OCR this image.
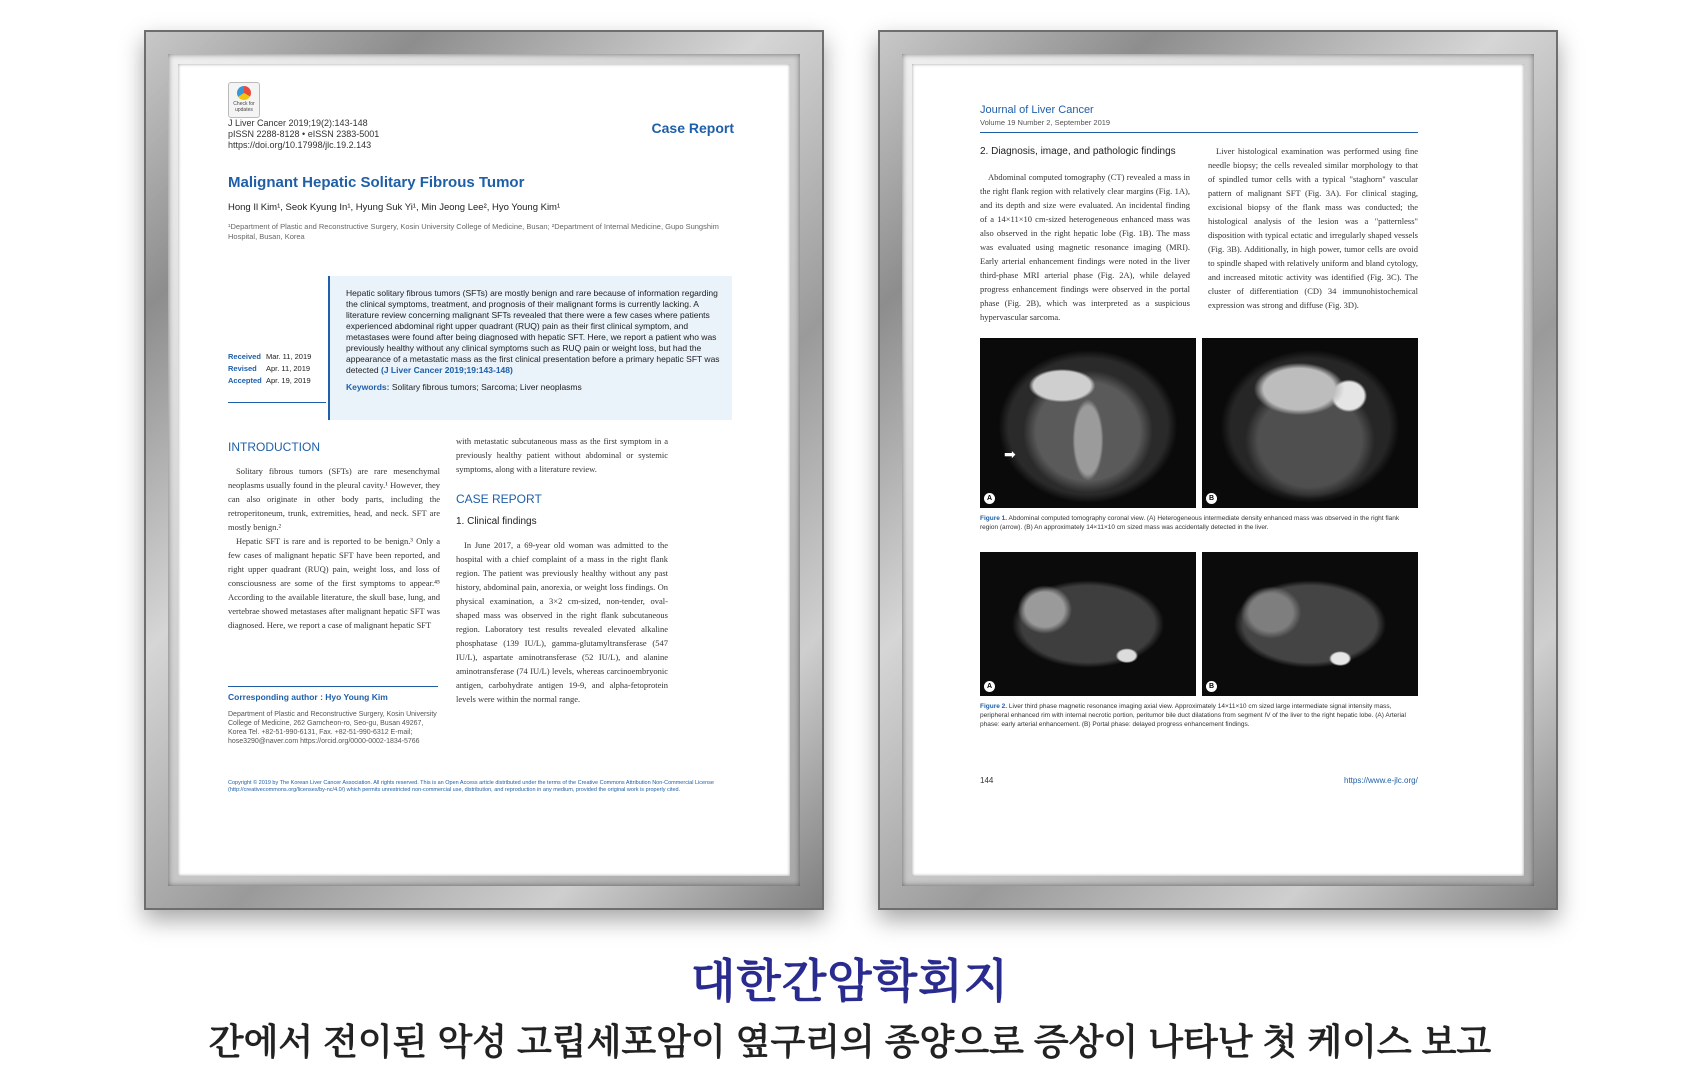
Check for updates
J Liver Cancer 2019;19(2):143-148
pISSN 2288-8128 • eISSN 2383-5001
https://doi.org/10.17998/jlc.19.2.143
Case Report
Malignant Hepatic Solitary Fibrous Tumor
Hong Il Kim¹, Seok Kyung In¹, Hyung Suk Yi¹, Min Jeong Lee², Hyo Young Kim¹
¹Department of Plastic and Reconstructive Surgery, Kosin University College of Medicine, Busan; ²Department of Internal Medicine, Gupo Sungshim Hospital, Busan, Korea
Received Mar. 11, 2019
Revised Apr. 11, 2019
Accepted Apr. 19, 2019
Hepatic solitary fibrous tumors (SFTs) are mostly benign and rare because of information regarding the clinical symptoms, treatment, and prognosis of their malignant forms is currently lacking. A literature review concerning malignant SFTs revealed that there were a few cases where patients experienced abdominal right upper quadrant (RUQ) pain as their first clinical symptom, and metastases were found after being diagnosed with hepatic SFT. Here, we report a patient who was previously healthy without any clinical symptoms such as RUQ pain or weight loss, but had the appearance of a metastatic mass as the first clinical presentation before a primary hepatic SFT was detected (J Liver Cancer 2019;19:143-148)
Keywords: Solitary fibrous tumors; Sarcoma; Liver neoplasms
INTRODUCTION

Solitary fibrous tumors (SFTs) are rare mesenchymal neoplasms usually found in the pleural cavity.¹ However, they can also originate in other body parts, including the retroperitoneum, trunk, extremities, head, and neck. SFT are mostly benign.²

Hepatic SFT is rare and is reported to be benign.³ Only a few cases of malignant hepatic SFT have been reported, and right upper quadrant (RUQ) pain, weight loss, and loss of consciousness are some of the first symptoms to appear.⁴⁵ According to the available literature, the skull base, lung, and vertebrae showed metastases after malignant hepatic SFT was diagnosed. Here, we report a case of malignant hepatic SFT

with metastatic subcutaneous mass as the first symptom in a previously healthy patient without abdominal or systemic symptoms, along with a literature review.

CASE REPORT
1. Clinical findings

In June 2017, a 69-year old woman was admitted to the hospital with a chief complaint of a mass in the right flank region. The patient was previously healthy without any past history, abdominal pain, anorexia, or weight loss findings. On physical examination, a 3×2 cm-sized, non-tender, oval-shaped mass was observed in the right flank subcutaneous region. Laboratory test results revealed elevated alkaline phosphatase (139 IU/L), gamma-glutamyltransferase (547 IU/L), aspartate aminotransferase (52 IU/L), and alanine aminotransferase (74 IU/L) levels, whereas carcinoembryonic antigen, carbohydrate antigen 19-9, and alpha-fetoprotein levels were within the normal range.

Corresponding author : Hyo Young Kim
Department of Plastic and Reconstructive Surgery, Kosin University College of Medicine, 262 Gamcheon-ro, Seo-gu, Busan 49267, Korea Tel. +82-51-990-6131, Fax. +82-51-990-6312 E-mail; hose3290@naver.com https://orcid.org/0000-0002-1834-5766
Copyright © 2019 by The Korean Liver Cancer Association. All rights reserved. This is an Open Access article distributed under the terms of the Creative Commons Attribution Non-Commercial License (http://creativecommons.org/licenses/by-nc/4.0/) which permits unrestricted non-commercial use, distribution, and reproduction in any medium, provided the original work is properly cited.
Journal of Liver Cancer
Volume 19 Number 2, September 2019
2. Diagnosis, image, and pathologic findings

Abdominal computed tomography (CT) revealed a mass in the right flank region with relatively clear margins (Fig. 1A), and its depth and size were evaluated. An incidental finding of a 14×11×10 cm-sized heterogeneous enhanced mass was also observed in the right hepatic lobe (Fig. 1B). The mass was evaluated using magnetic resonance imaging (MRI). Early arterial enhancement findings were noted in the liver third-phase MRI arterial phase (Fig. 2A), while delayed progress enhancement findings were observed in the portal phase (Fig. 2B), which was interpreted as a suspicious hypervascular sarcoma.

Liver histological examination was performed using fine needle biopsy; the cells revealed similar morphology to that of spindled tumor cells with a typical "staghorn" vascular pattern of malignant SFT (Fig. 3A). For clinical staging, excisional biopsy of the flank mass was conducted; the histological analysis of the lesion was a "patternless" disposition with typical ectatic and irregularly shaped vessels (Fig. 3B). Additionally, in high power, tumor cells are ovoid to spindle shaped with relatively uniform and bland cytology, and increased mitotic activity was identified (Fig. 3C). The cluster of differentiation (CD) 34 immunohistochemical expression was strong and diffuse (Fig. 3D).

➡
A	B
Figure 1. Abdominal computed tomography coronal view. (A) Heterogeneous intermediate density enhanced mass was observed in the right flank region (arrow). (B) An approximately 14×11×10 cm sized mass was accidentally detected in the liver.
A	B
Figure 2. Liver third phase magnetic resonance imaging axial view. Approximately 14×11×10 cm sized large intermediate signal intensity mass, peripheral enhanced rim with internal necrotic portion, peritumor bile duct dilatations from segment IV of the liver to the right hepatic lobe. (A) Arterial phase: early arterial enhancement. (B) Portal phase: delayed progress enhancement findings.
144	https://www.e-jlc.org/
대한간암학회지
간에서 전이된 악성 고립세포암이 옆구리의 종양으로 증상이 나타난 첫 케이스 보고
